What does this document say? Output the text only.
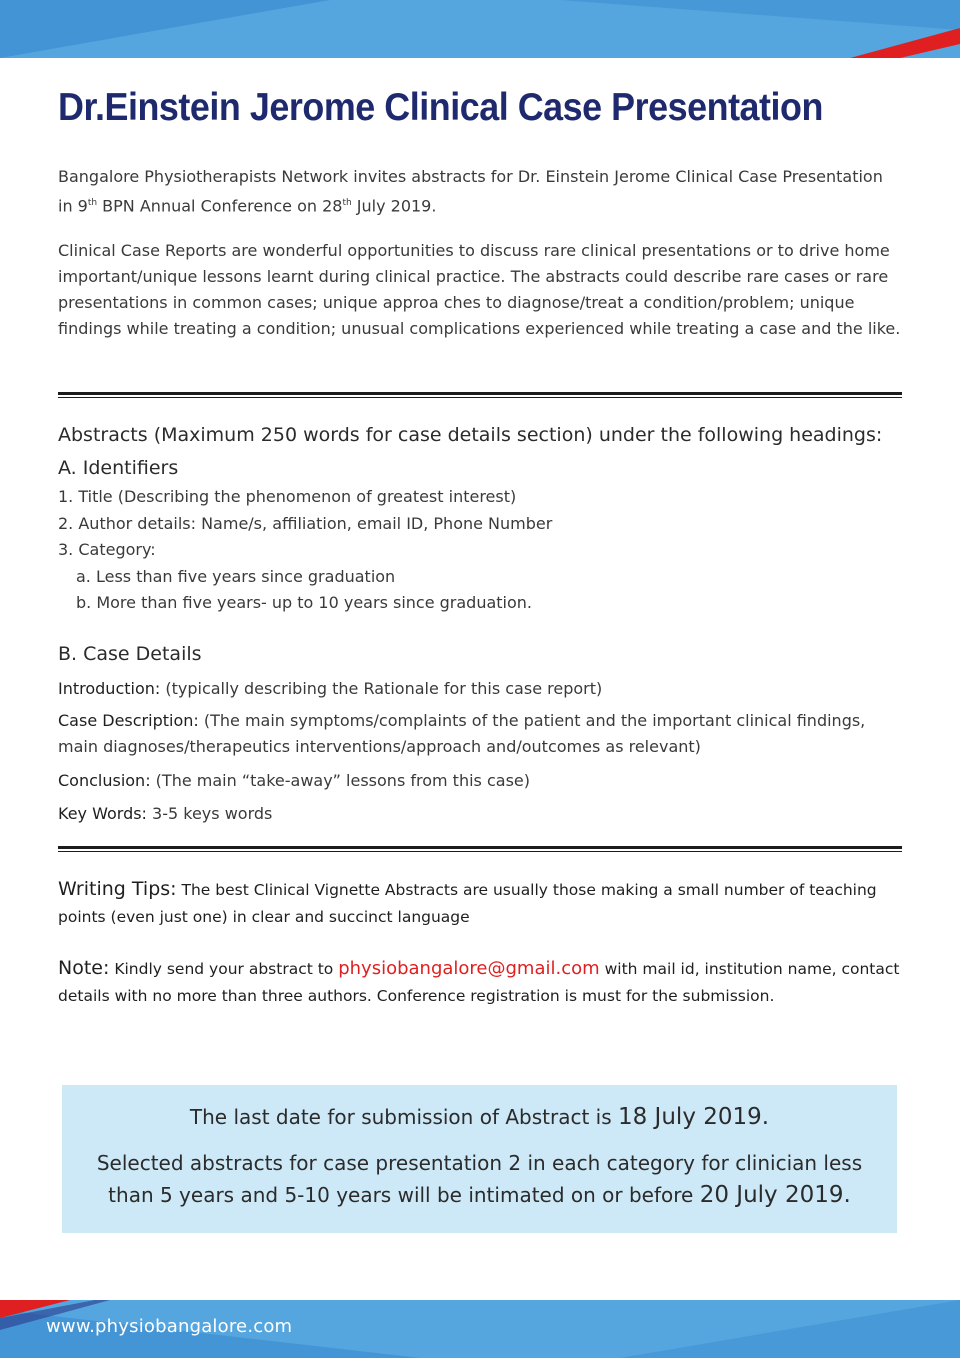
Dr.Einstein Jerome Clinical Case Presentation

Bangalore Physiotherapists Network invites abstracts for Dr. Einstein Jerome Clinical Case Presentation
in 9th BPN Annual Conference on 28th July 2019.

Clinical Case Reports are wonderful opportunities to discuss rare clinical presentations or to drive home important/unique lessons learnt during clinical practice. The abstracts could describe rare cases or rare presentations in common cases; unique approa ches to diagnose/treat a condition/problem; unique findings while treating a condition; unusual complications experienced while treating a case and the like.

Abstracts (Maximum 250 words for case details section) under the following headings:

A. Identifiers

1. Title (Describing the phenomenon of greatest interest)

2. Author details: Name/s, affiliation, email ID, Phone Number

3. Category:

a. Less than five years since graduation

b. More than five years- up to 10 years since graduation.

B. Case Details

Introduction: (typically describing the Rationale for this case report)

Case Description: (The main symptoms/complaints of the patient and the important clinical findings, main diagnoses/therapeutics interventions/approach and/outcomes as relevant)

Conclusion: (The main “take-away” lessons from this case)

Key Words: 3-5 keys words

Writing Tips: The best Clinical Vignette Abstracts are usually those making a small number of teaching points (even just one) in clear and succinct language

Note: Kindly send your abstract to physiobangalore@gmail.com with mail id, institution name, contact details with no more than three authors. Conference registration is must for the submission.

The last date for submission of Abstract is 18 July 2019.

Selected abstracts for case presentation 2 in each category for clinician less

than 5 years and 5-10 years will be intimated on or before 20 July 2019.

www.physiobangalore.com
